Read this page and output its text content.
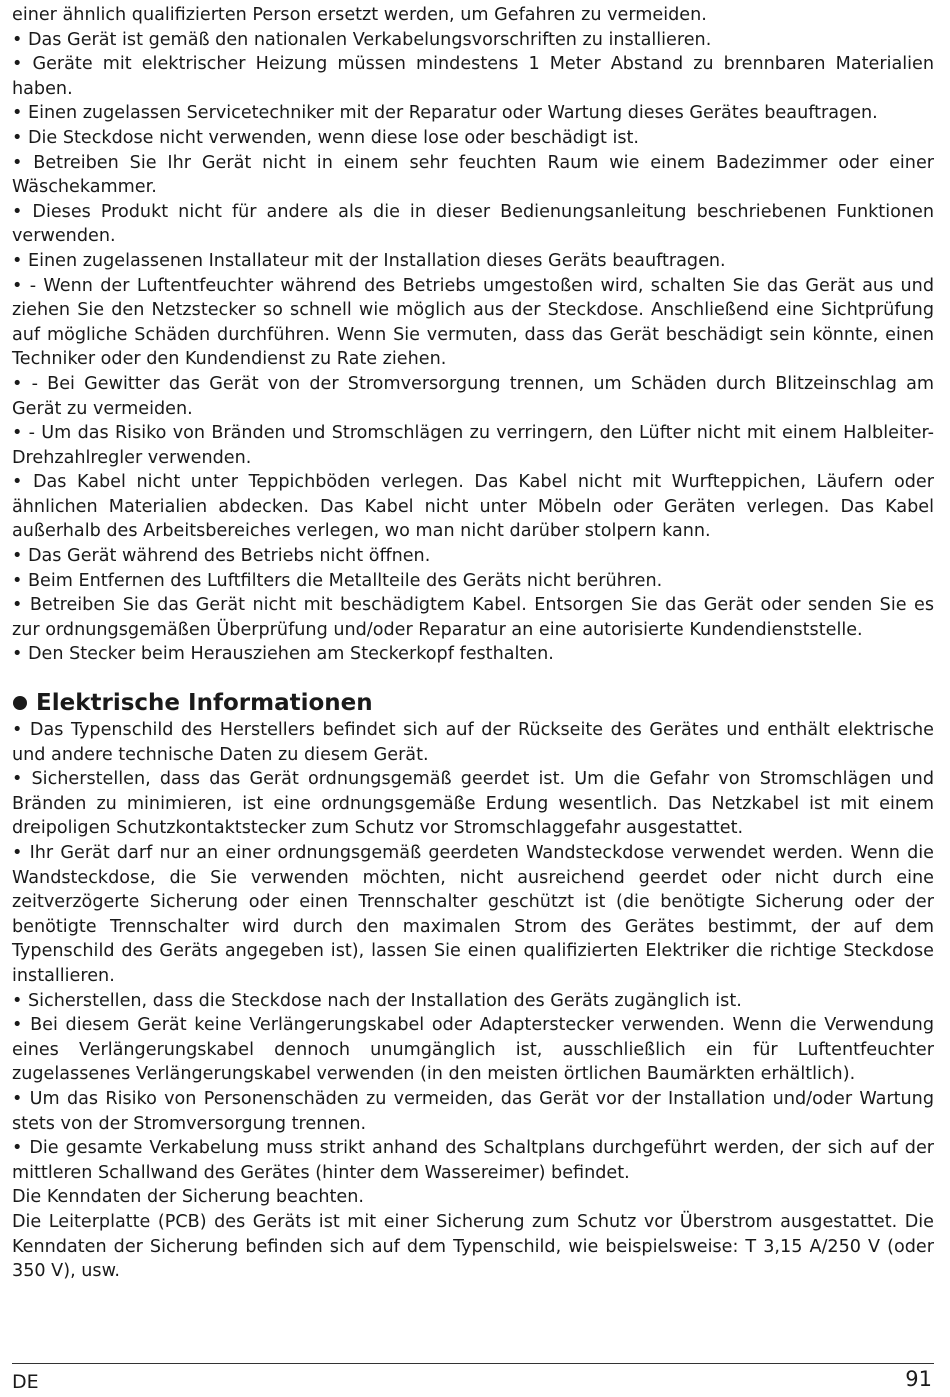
einer ähnlich qualifizierten Person ersetzt werden, um Gefahren zu vermeiden.

• Das Gerät ist gemäß den nationalen Verkabelungsvorschriften zu installieren.

• Geräte mit elektrischer Heizung müssen mindestens 1 Meter Abstand zu brennbaren Materialien haben.

• Einen zugelassen Servicetechniker mit der Reparatur oder Wartung dieses Gerätes beauftragen.

• Die Steckdose nicht verwenden, wenn diese lose oder beschädigt ist.

• Betreiben Sie Ihr Gerät nicht in einem sehr feuchten Raum wie einem Badezimmer oder einer Wäschekammer.

• Dieses Produkt nicht für andere als die in dieser Bedienungsanleitung beschriebenen Funktionen verwenden.

• Einen zugelassenen Installateur mit der Installation dieses Geräts beauftragen.

• - Wenn der Luftentfeuchter während des Betriebs umgestoßen wird, schalten Sie das Gerät aus und ziehen Sie den Netzstecker so schnell wie möglich aus der Steckdose. Anschließend eine Sichtprüfung auf mögliche Schäden durchführen. Wenn Sie vermuten, dass das Gerät beschädigt sein könnte, einen Techniker oder den Kundendienst zu Rate ziehen.

• - Bei Gewitter das Gerät von der Stromversorgung trennen, um Schäden durch Blitzeinschlag am Gerät zu vermeiden.

• - Um das Risiko von Bränden und Stromschlägen zu verringern, den Lüfter nicht mit einem Halbleiter-Drehzahlregler verwenden.

• Das Kabel nicht unter Teppichböden verlegen. Das Kabel nicht mit Wurfteppichen, Läufern oder ähnlichen Materialien abdecken. Das Kabel nicht unter Möbeln oder Geräten verlegen. Das Kabel außerhalb des Arbeitsbereiches verlegen, wo man nicht darüber stolpern kann.

• Das Gerät während des Betriebs nicht öffnen.

• Beim Entfernen des Luftfilters die Metallteile des Geräts nicht berühren.

• Betreiben Sie das Gerät nicht mit beschädigtem Kabel. Entsorgen Sie das Gerät oder senden Sie es zur ordnungsgemäßen Überprüfung und/oder Reparatur an eine autorisierte Kundendienststelle.

• Den Stecker beim Herausziehen am Steckerkopf festhalten.

Elektrische Informationen

• Das Typenschild des Herstellers befindet sich auf der Rückseite des Gerätes und enthält elektrische und andere technische Daten zu diesem Gerät.

• Sicherstellen, dass das Gerät ordnungsgemäß geerdet ist. Um die Gefahr von Stromschlägen und Bränden zu minimieren, ist eine ordnungsgemäße Erdung wesentlich. Das Netzkabel ist mit einem dreipoligen Schutzkontaktstecker zum Schutz vor Stromschlaggefahr ausgestattet.

• Ihr Gerät darf nur an einer ordnungsgemäß geerdeten Wandsteckdose verwendet werden. Wenn die Wandsteckdose, die Sie verwenden möchten, nicht ausreichend geerdet oder nicht durch eine zeitverzögerte Sicherung oder einen Trennschalter geschützt ist (die benötigte Sicherung oder der benötigte Trennschalter wird durch den maximalen Strom des Gerätes bestimmt, der auf dem Typenschild des Geräts angegeben ist), lassen Sie einen qualifizierten Elektriker die richtige Steckdose installieren.

• Sicherstellen, dass die Steckdose nach der Installation des Geräts zugänglich ist.

• Bei diesem Gerät keine Verlängerungskabel oder Adapterstecker verwenden. Wenn die Verwendung eines Verlängerungskabel dennoch unumgänglich ist, ausschließlich ein für Luftentfeuchter zugelassenes Verlängerungskabel verwenden (in den meisten örtlichen Baumärkten erhältlich).

• Um das Risiko von Personenschäden zu vermeiden, das Gerät vor der Installation und/oder Wartung stets von der Stromversorgung trennen.

• Die gesamte Verkabelung muss strikt anhand des Schaltplans durchgeführt werden, der sich auf der mittleren Schallwand des Gerätes (hinter dem Wassereimer) befindet.

Die Kenndaten der Sicherung beachten.

Die Leiterplatte (PCB) des Geräts ist mit einer Sicherung zum Schutz vor Überstrom ausgestattet. Die Kenndaten der Sicherung befinden sich auf dem Typenschild, wie beispielsweise: T 3,15 A/250 V (oder 350 V), usw.

DE	91
